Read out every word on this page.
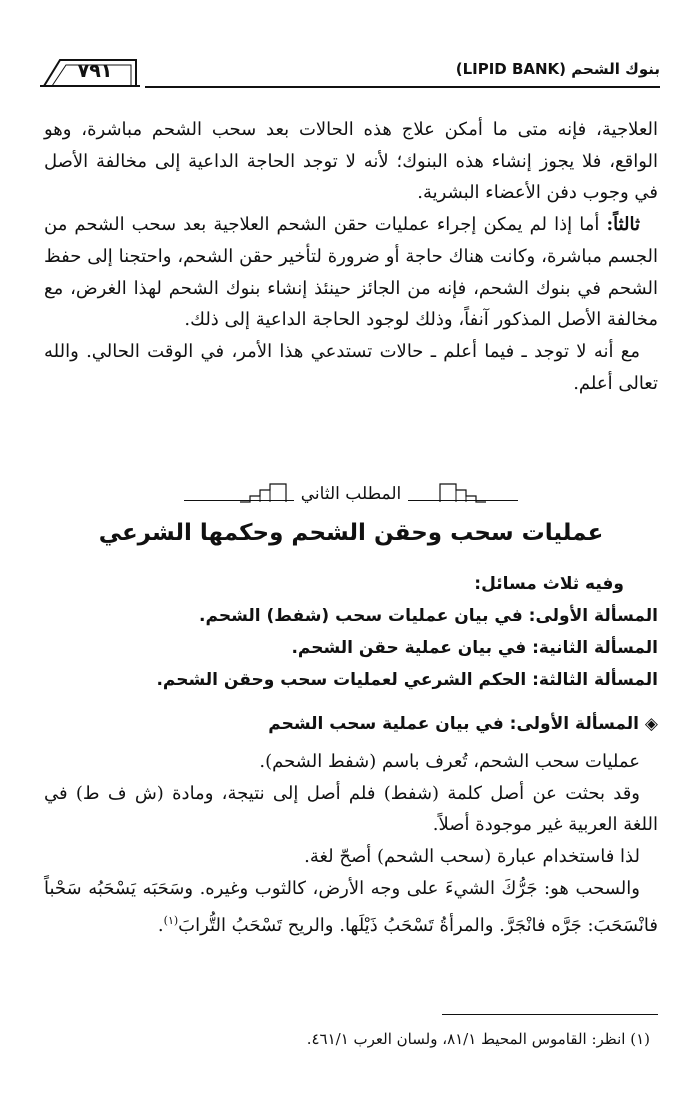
بنوك الشحم (LIPID BANK)
٧٩١

العلاجية، فإنه متى ما أمكن علاج هذه الحالات بعد سحب الشحم مباشرة، وهو الواقع، فلا يجوز إنشاء هذه البنوك؛ لأنه لا توجد الحاجة الداعية إلى مخالفة الأصل في وجوب دفن الأعضاء البشرية.

ثالثاً: أما إذا لم يمكن إجراء عمليات حقن الشحم العلاجية بعد سحب الشحم من الجسم مباشرة، وكانت هناك حاجة أو ضرورة لتأخير حقن الشحم، واحتجنا إلى حفظ الشحم في بنوك الشحم، فإنه من الجائز حينئذ إنشاء بنوك الشحم لهذا الغرض، مع مخالفة الأصل المذكور آنفاً، وذلك لوجود الحاجة الداعية إلى ذلك.

مع أنه لا توجد ـ فيما أعلم ـ حالات تستدعي هذا الأمر، في الوقت الحالي. والله تعالى أعلم.

المطلب الثاني
عمليات سحب وحقن الشحم وحكمها الشرعي
وفيه ثلاث مسائل:
المسألة الأولى: في بيان عمليات سحب (شفط) الشحم.
المسألة الثانية: في بيان عملية حقن الشحم.
المسألة الثالثة: الحكم الشرعي لعمليات سحب وحقن الشحم.
◈ المسألة الأولى: في بيان عملية سحب الشحم

عمليات سحب الشحم، تُعرف باسم (شفط الشحم).

وقد بحثت عن أصل كلمة (شفط) فلم أصل إلى نتيجة، ومادة (ش ف ط) في اللغة العربية غير موجودة أصلاً.

لذا فاستخدام عبارة (سحب الشحم) أصحّ لغة.

والسحب هو: جَرُّكَ الشيءَ على وجه الأرض، كالثوب وغيره. وسَحَبَه يَسْحَبُه سَحْباً فانْسَحَبَ: جَرَّه فانْجَرَّ. والمرأةُ تَسْحَبُ ذَيْلَها. والريح تَسْحَبُ التُّرابَ$^{(١)}$.

(١) انظر: القاموس المحيط ٨١/١، ولسان العرب ٤٦١/١.
